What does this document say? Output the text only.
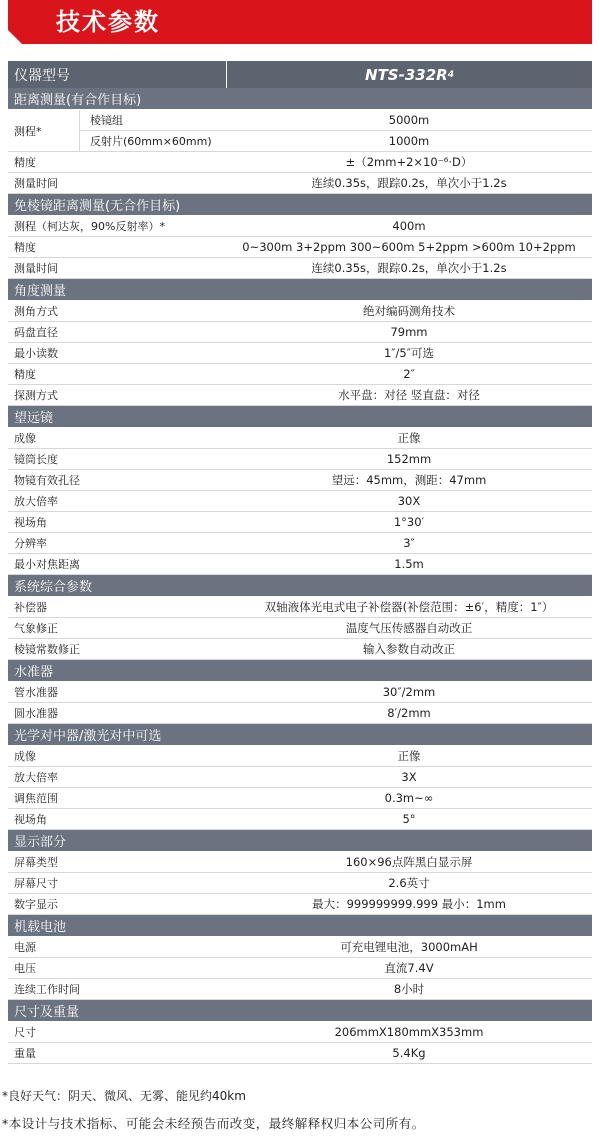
技术参数
仪器型号	NTS-332R 4
距离测量(有合作目标)
测程*
棱镜组	5000m
反射片(60mm×60mm)	1000m
精度	±（2mm+2×10⁻⁶·D）
测量时间	连续0.35s，跟踪0.2s，单次小于1.2s
免棱镜距离测量(无合作目标)
测程（柯达灰，90%反射率）*	400m
精度	0~300m 3+2ppm 300~600m 5+2ppm >600m 10+2ppm
测量时间	连续0.35s，跟踪0.2s，单次小于1.2s
角度测量
测角方式	绝对编码测角技术
码盘直径	79mm
最小读数	1″/5″可选
精度	2″
探测方式	水平盘：对径 竖直盘：对径
望远镜
成像	正像
镜筒长度	152mm
物镜有效孔径	望远：45mm，测距：47mm
放大倍率	30X
视场角	1°30′
分辨率	3″
最小对焦距离	1.5m
系统综合参数
补偿器	双轴液体光电式电子补偿器(补偿范围：±6′，精度：1″）
气象修正	温度气压传感器自动改正
棱镜常数修正	输入参数自动改正
水准器
管水准器	30″/2mm
圆水准器	8′/2mm
光学对中器/激光对中可选
成像	正像
放大倍率	3X
调焦范围	0.3m~∞
视场角	5°
显示部分
屏幕类型	160×96点阵黑白显示屏
屏幕尺寸	2.6英寸
数字显示	最大：999999999.999 最小：1mm
机载电池
电源	可充电锂电池，3000mAH
电压	直流7.4V
连续工作时间	8小时
尺寸及重量
尺寸	206mmX180mmX353mm
重量	5.4Kg
*良好天气：阴天、微风、无雾、能见约40km
*本设计与技术指标、可能会未经预告而改变，最终解释权归本公司所有。
